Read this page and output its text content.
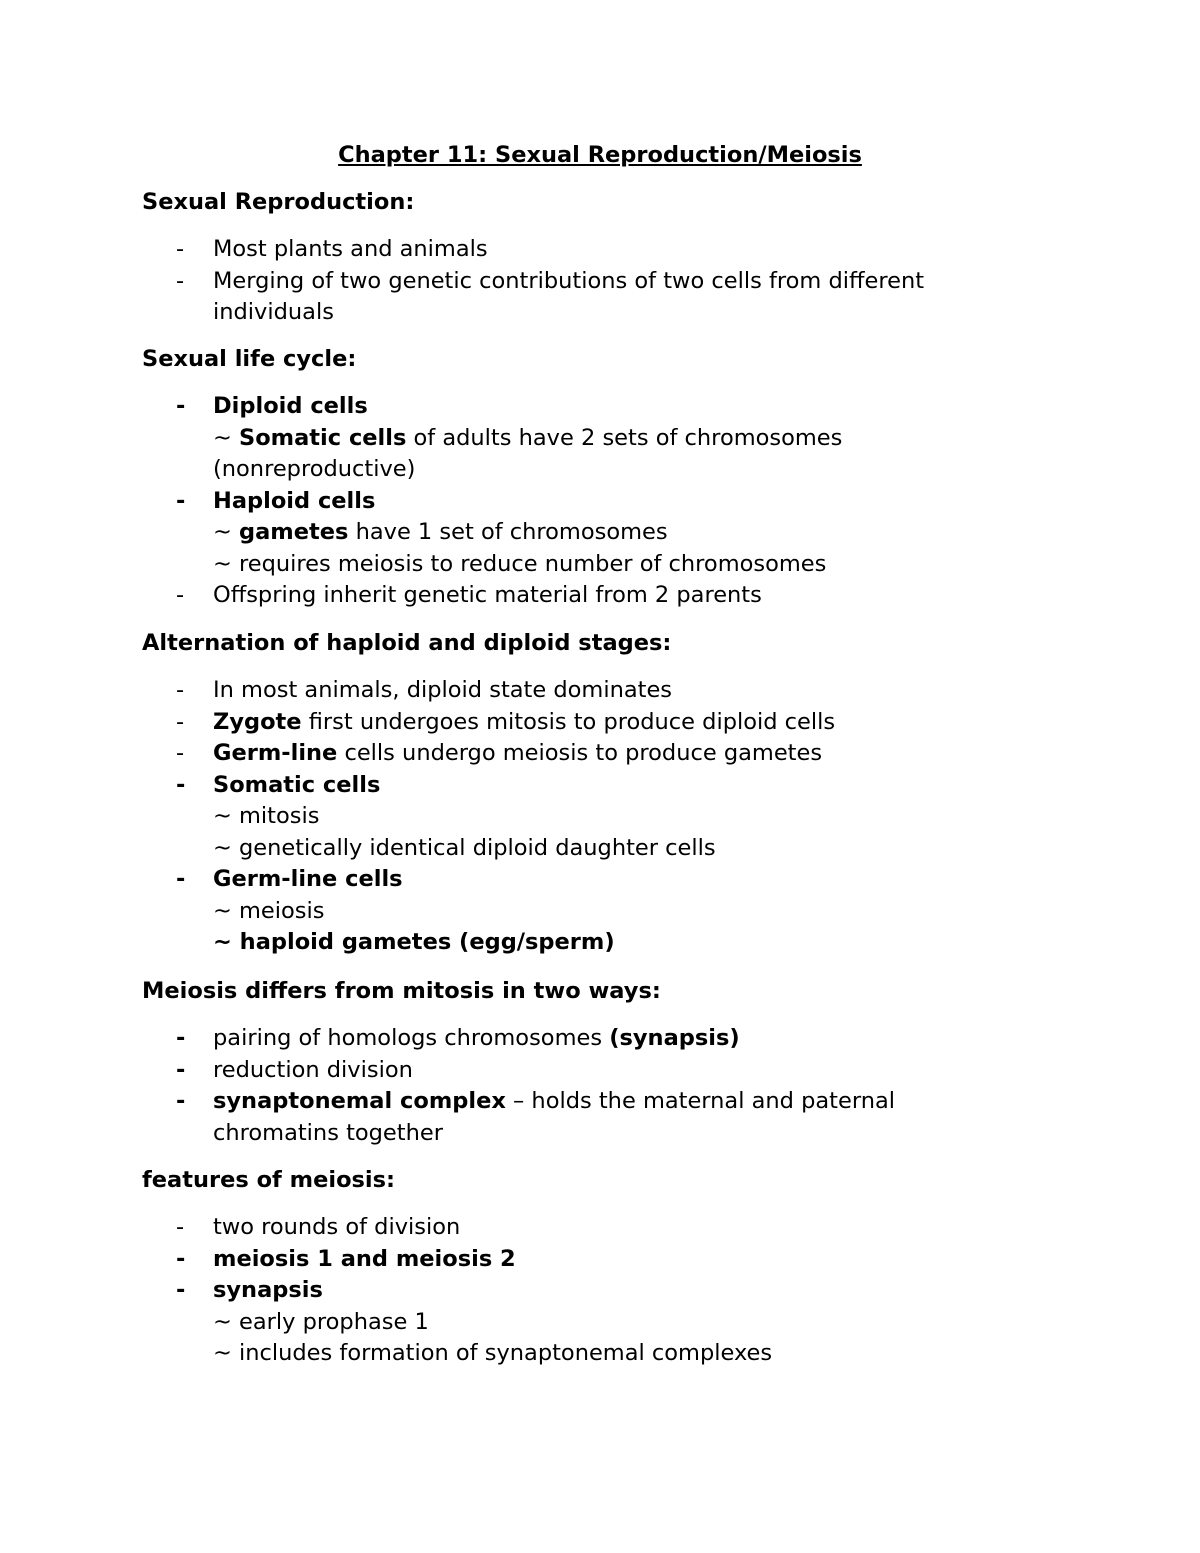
Chapter 11: Sexual Reproduction/Meiosis
Sexual Reproduction:
- Most plants and animals
- Merging of two genetic contributions of two cells from different individuals
Sexual life cycle:
- Diploid cells
~ Somatic cells of adults have 2 sets of chromosomes (nonreproductive)
- Haploid cells
~ gametes have 1 set of chromosomes
~ requires meiosis to reduce number of chromosomes
- Offspring inherit genetic material from 2 parents
Alternation of haploid and diploid stages:
- In most animals, diploid state dominates
- Zygote first undergoes mitosis to produce diploid cells
- Germ-line cells undergo meiosis to produce gametes
- Somatic cells
~ mitosis
~ genetically identical diploid daughter cells
- Germ-line cells
~ meiosis
~ haploid gametes (egg/sperm)
Meiosis differs from mitosis in two ways:
- pairing of homologs chromosomes (synapsis)
- reduction division
- synaptonemal complex – holds the maternal and paternal chromatins together
features of meiosis:
- two rounds of division
- meiosis 1 and meiosis 2
- synapsis
~ early prophase 1
~ includes formation of synaptonemal complexes
